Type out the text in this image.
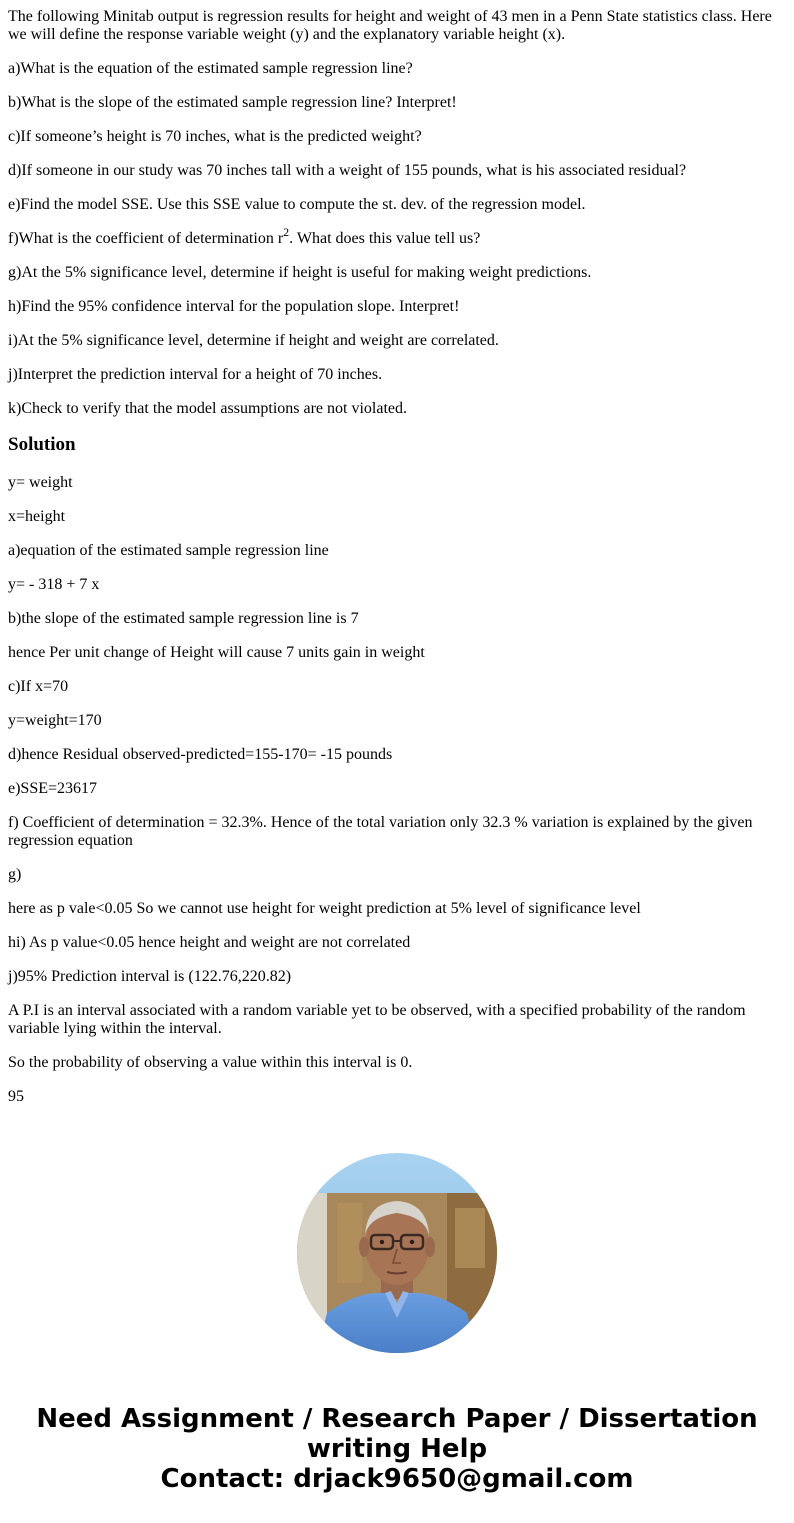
The following Minitab output is regression results for height and weight of 43 men in a Penn State statistics class. Here we will define the response variable weight (y) and the explanatory variable height (x).

a)What is the equation of the estimated sample regression line?

b)What is the slope of the estimated sample regression line? Interpret!

c)If someone’s height is 70 inches, what is the predicted weight?

d)If someone in our study was 70 inches tall with a weight of 155 pounds, what is his associated residual?

e)Find the model SSE. Use this SSE value to compute the st. dev. of the regression model.

f)What is the coefficient of determination $r^2$. What does this value tell us?

g)At the 5% significance level, determine if height is useful for making weight predictions.

h)Find the 95% confidence interval for the population slope. Interpret!

i)At the 5% significance level, determine if height and weight are correlated.

j)Interpret the prediction interval for a height of 70 inches.

k)Check to verify that the model assumptions are not violated.

Solution

y= weight

x=height

a)equation of the estimated sample regression line

y= - 318 + 7 x

b)the slope of the estimated sample regression line is 7

hence Per unit change of Height will cause 7 units gain in weight

c)If x=70

y=weight=170

d)hence Residual observed-predicted=155-170= -15 pounds

e)SSE=23617

f) Coefficient of determination = 32.3%. Hence of the total variation only 32.3 % variation is explained by the given regression equation

g)

here as p vale<0.05 So we cannot use height for weight prediction at 5% level of significance level

hi) As p value<0.05 hence height and weight are not correlated

j)95% Prediction interval is (122.76,220.82)

A P.I is an interval associated with a random variable yet to be observed, with a specified probability of the random variable lying within the interval.

So the probability of observing a value within this interval is 0.

95

Need Assignment / Research Paper / Dissertation
writing Help
Contact: drjack9650@gmail.com
